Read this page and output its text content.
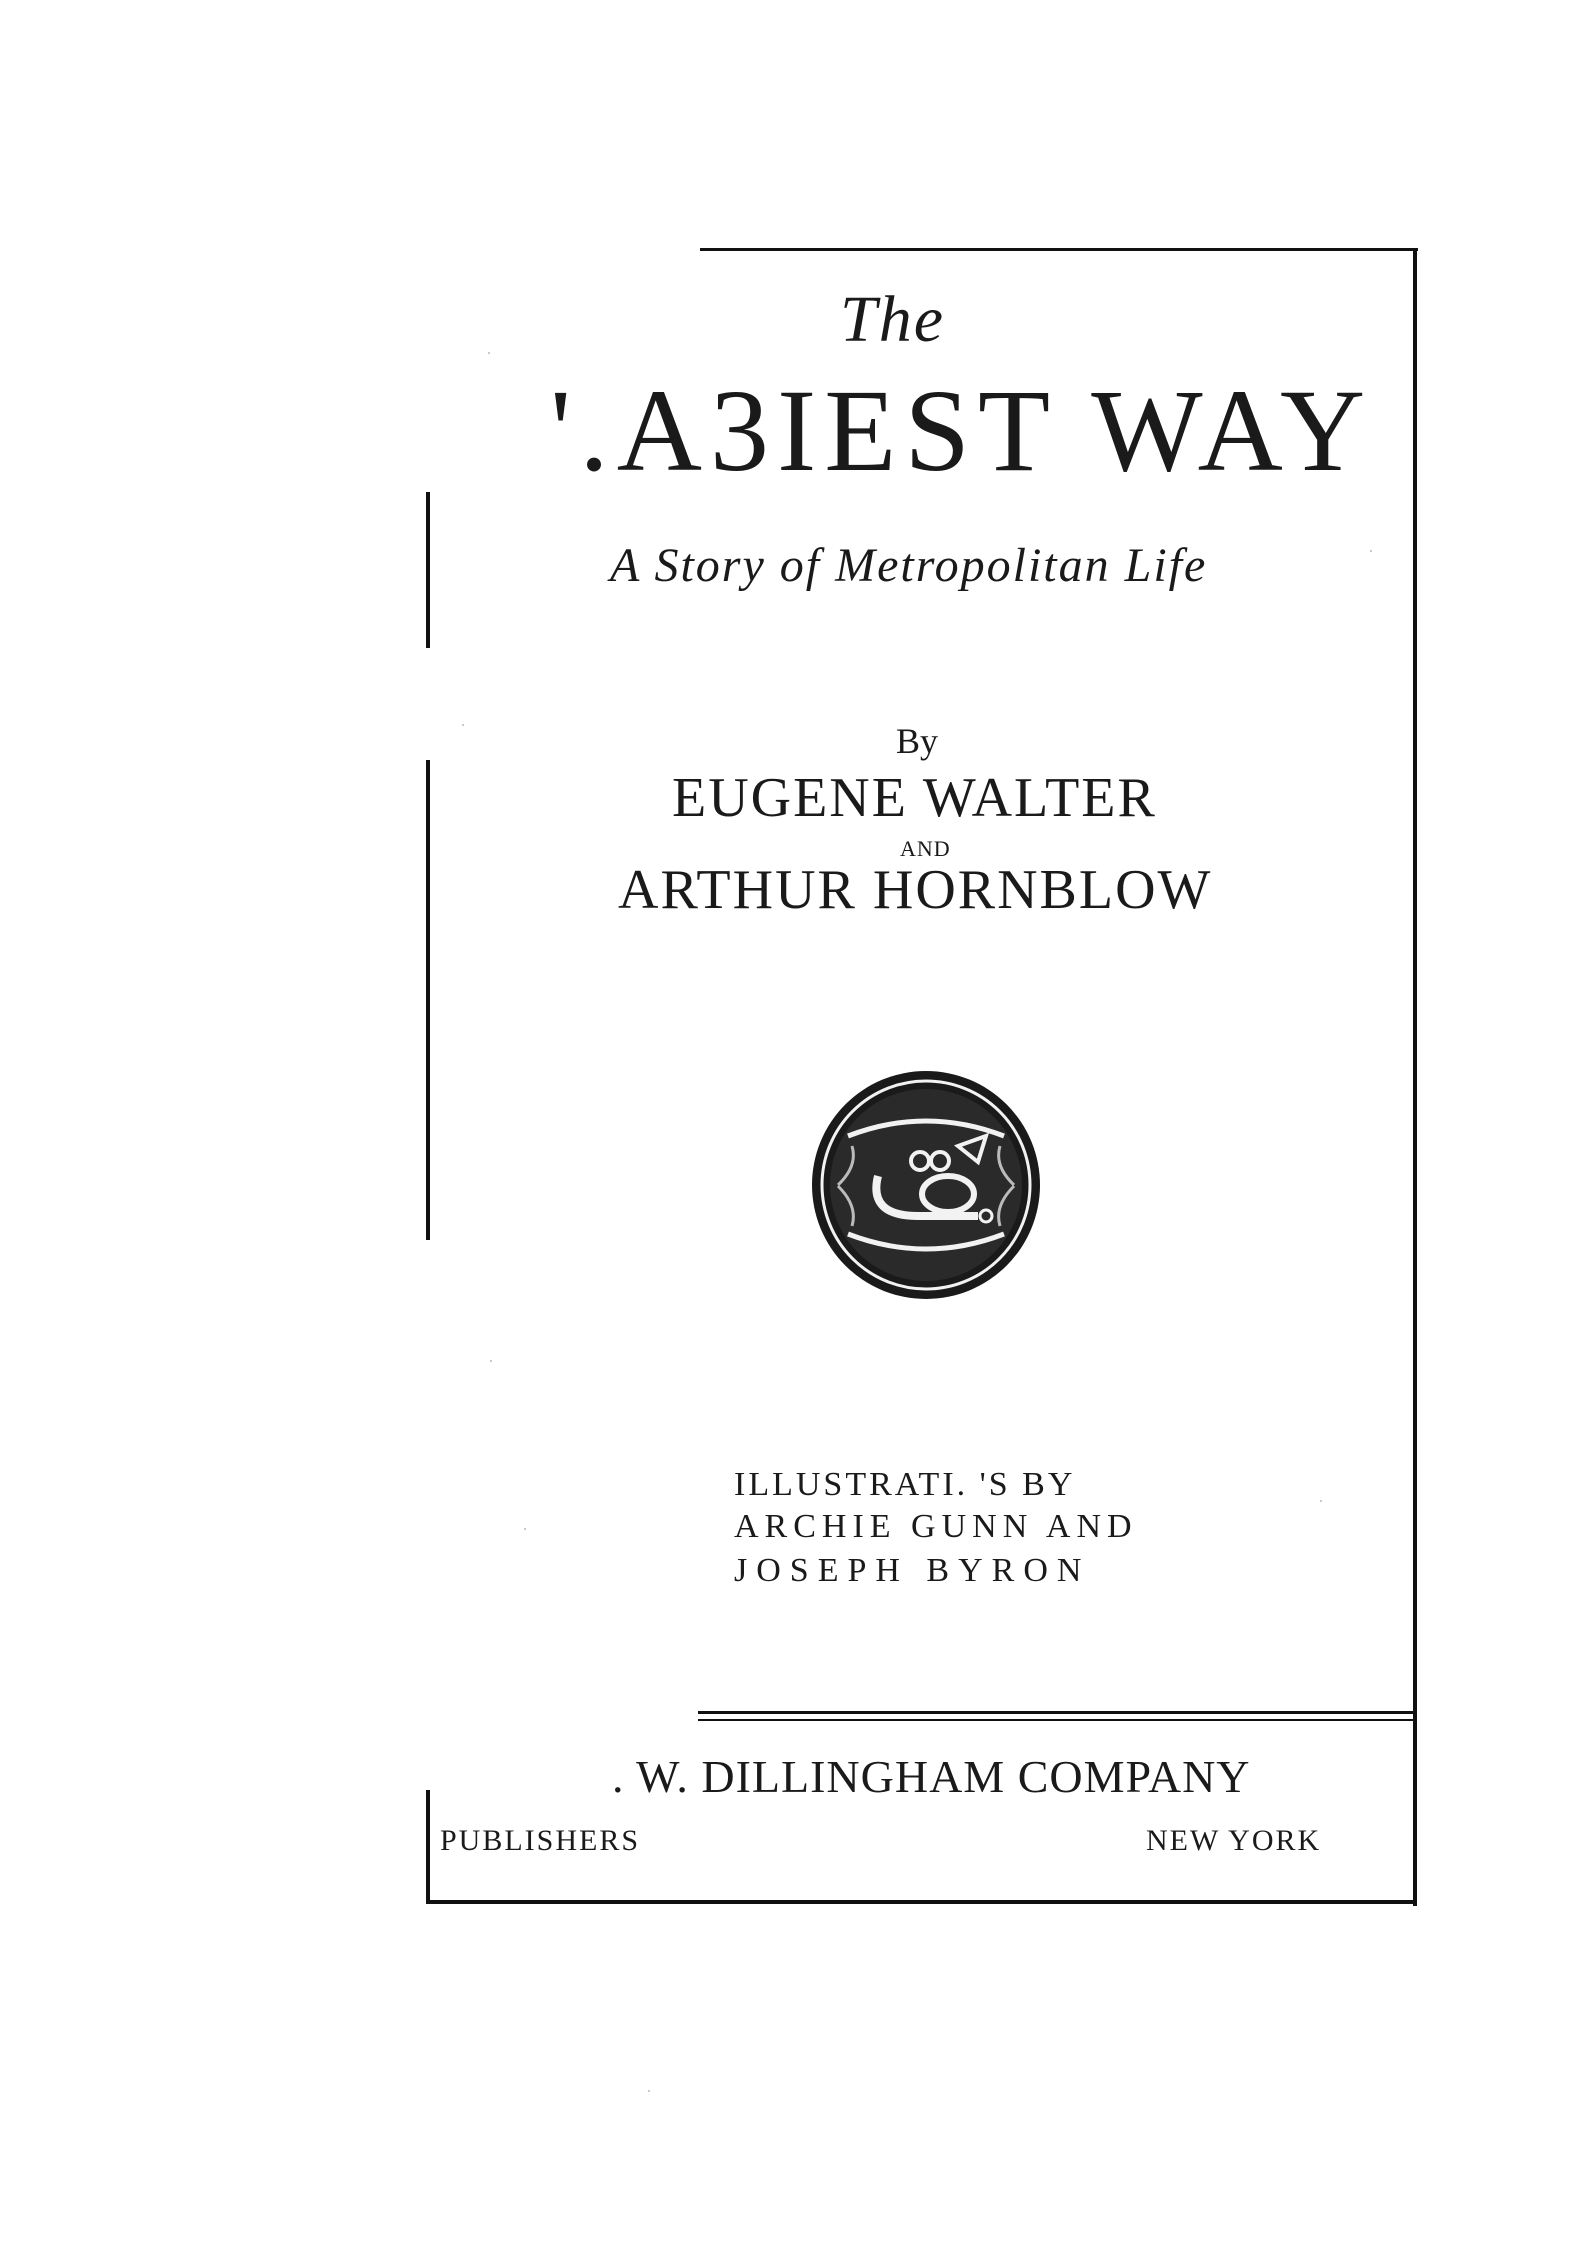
The
'.A3IEST WAY
A Story of Metropolitan Life
By
EUGENE WALTER
AND
ARTHUR HORNBLOW
ILLUSTRATI. 'S BY
ARCHIE GUNN AND
JOSEPH BYRON
. W. DILLINGHAM COMPANY
PUBLISHERS	NEW YORK
